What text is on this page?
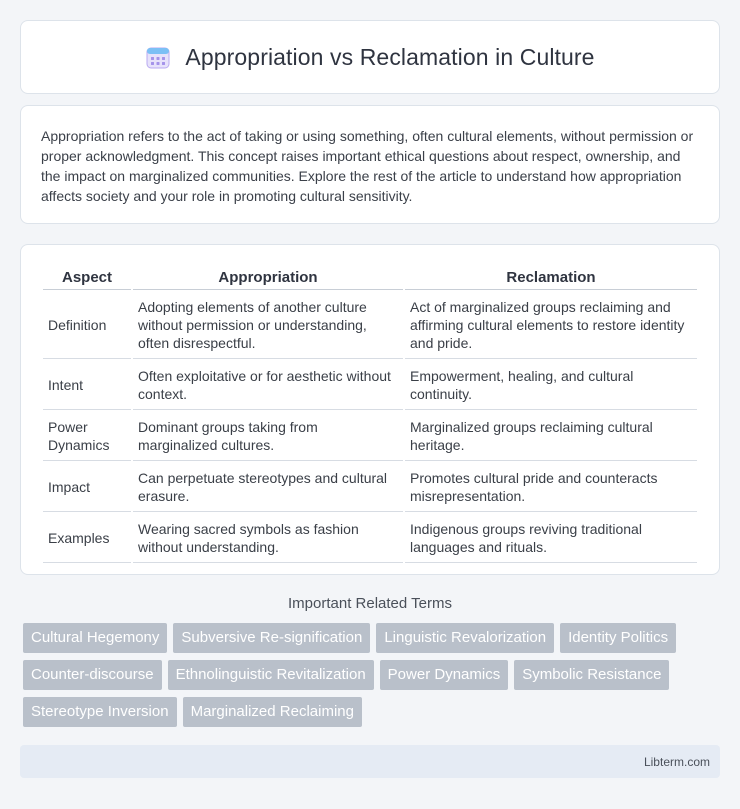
Appropriation vs Reclamation in Culture

Appropriation refers to the act of taking or using something, often cultural elements, without permission or proper acknowledgment. This concept raises important ethical questions about respect, ownership, and the impact on marginalized communities. Explore the rest of the article to understand how appropriation affects society and your role in promoting cultural sensitivity.

Aspect	Appropriation	Reclamation
Definition	Adopting elements of another culture without permission or understanding, often disrespectful.	Act of marginalized groups reclaiming and affirming cultural elements to restore identity and pride.
Intent	Often exploitative or for aesthetic without context.	Empowerment, healing, and cultural continuity.
Power Dynamics	Dominant groups taking from marginalized cultures.	Marginalized groups reclaiming cultural heritage.
Impact	Can perpetuate stereotypes and cultural erasure.	Promotes cultural pride and counteracts misrepresentation.
Examples	Wearing sacred symbols as fashion without understanding.	Indigenous groups reviving traditional languages and rituals.
Important Related Terms
Cultural Hegemony	Subversive Re-signification	Linguistic Revalorization	Identity Politics
Counter-discourse	Ethnolinguistic Revitalization	Power Dynamics	Symbolic Resistance
Stereotype Inversion	Marginalized Reclaiming
Libterm.com
